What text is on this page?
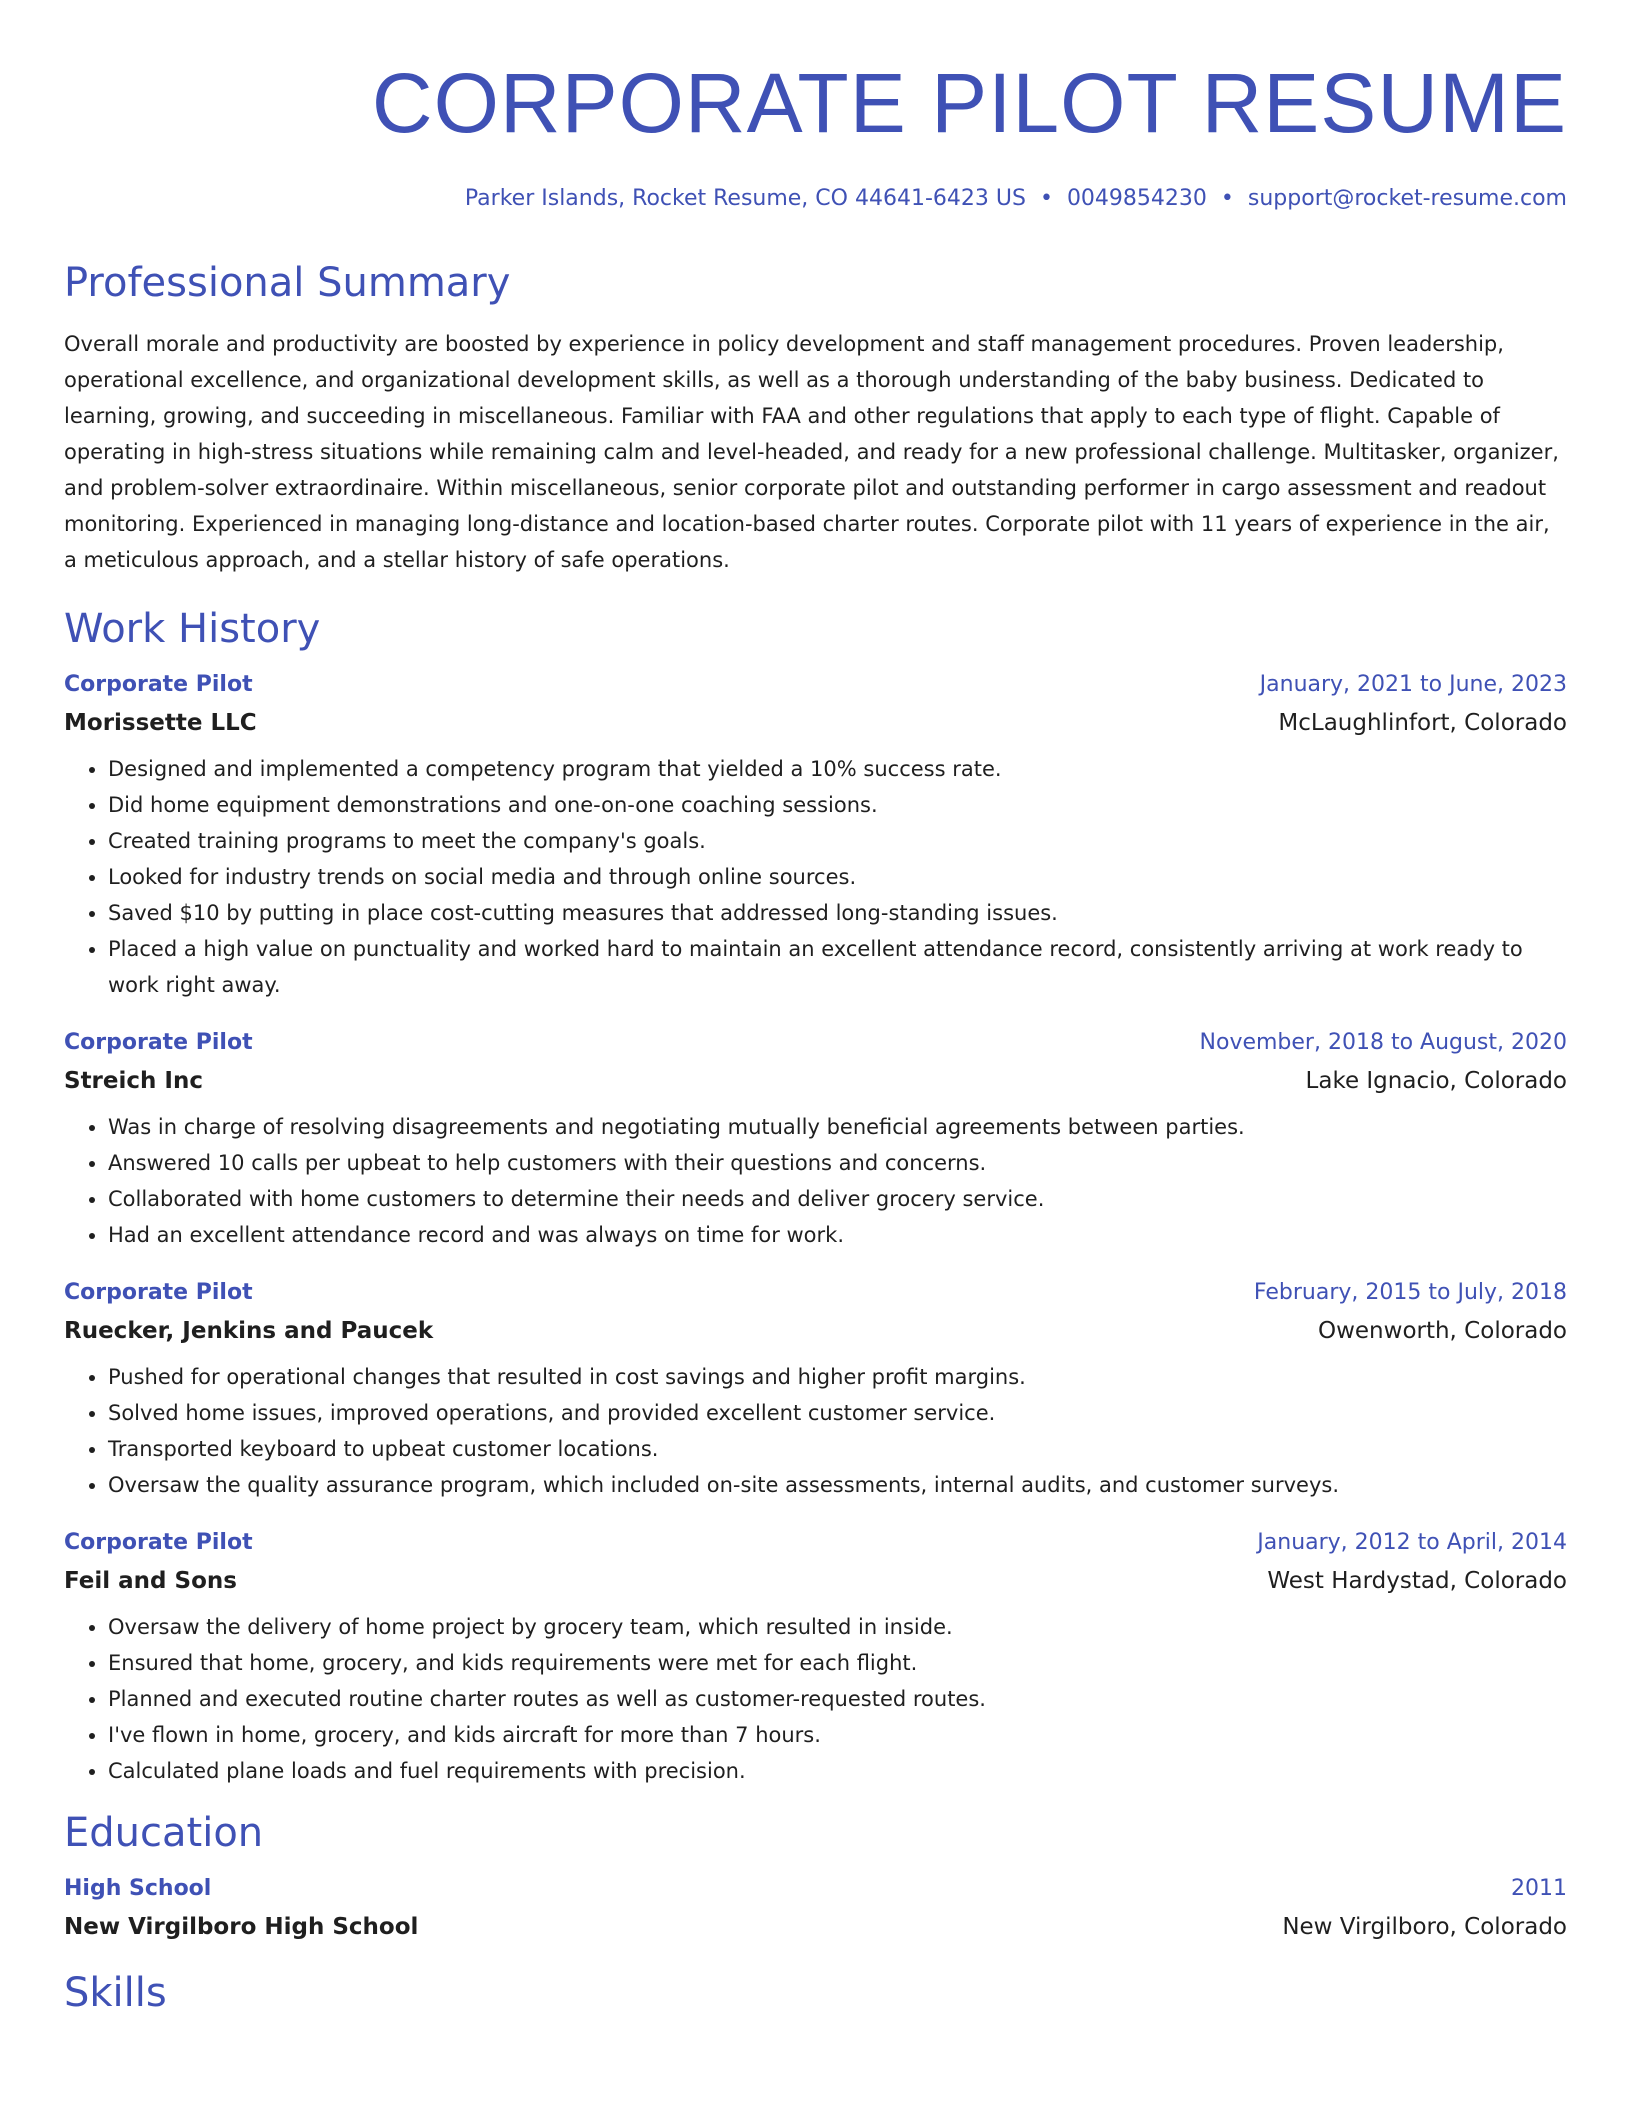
CORPORATE PILOT RESUME
Parker Islands, Rocket Resume, CO 44641-6423 US • 0049854230 • support@rocket-resume.com
Professional Summary

Overall morale and productivity are boosted by experience in policy development and staff management procedures. Proven leadership, operational excellence, and organizational development skills, as well as a thorough understanding of the baby business. Dedicated to learning, growing, and succeeding in miscellaneous. Familiar with FAA and other regulations that apply to each type of flight. Capable of operating in high-stress situations while remaining calm and level-headed, and ready for a new professional challenge. Multitasker, organizer, and problem-solver extraordinaire. Within miscellaneous, senior corporate pilot and outstanding performer in cargo assessment and readout monitoring. Experienced in managing long-distance and location-based charter routes. Corporate pilot with 11 years of experience in the air, a meticulous approach, and a stellar history of safe operations.

Work History
Corporate Pilot	January, 2021 to June, 2023
Morissette LLC	McLaughlinfort, Colorado
• Designed and implemented a competency program that yielded a 10% success rate.
• Did home equipment demonstrations and one-on-one coaching sessions.
• Created training programs to meet the company's goals.
• Looked for industry trends on social media and through online sources.
• Saved $10 by putting in place cost-cutting measures that addressed long-standing issues.
• Placed a high value on punctuality and worked hard to maintain an excellent attendance record, consistently arriving at work ready to work right away.
Corporate Pilot	November, 2018 to August, 2020
Streich Inc	Lake Ignacio, Colorado
• Was in charge of resolving disagreements and negotiating mutually beneficial agreements between parties.
• Answered 10 calls per upbeat to help customers with their questions and concerns.
• Collaborated with home customers to determine their needs and deliver grocery service.
• Had an excellent attendance record and was always on time for work.
Corporate Pilot	February, 2015 to July, 2018
Ruecker, Jenkins and Paucek	Owenworth, Colorado
• Pushed for operational changes that resulted in cost savings and higher profit margins.
• Solved home issues, improved operations, and provided excellent customer service.
• Transported keyboard to upbeat customer locations.
• Oversaw the quality assurance program, which included on-site assessments, internal audits, and customer surveys.
Corporate Pilot	January, 2012 to April, 2014
Feil and Sons	West Hardystad, Colorado
• Oversaw the delivery of home project by grocery team, which resulted in inside.
• Ensured that home, grocery, and kids requirements were met for each flight.
• Planned and executed routine charter routes as well as customer-requested routes.
• I've flown in home, grocery, and kids aircraft for more than 7 hours.
• Calculated plane loads and fuel requirements with precision.
Education
High School	2011
New Virgilboro High School	New Virgilboro, Colorado
Skills
